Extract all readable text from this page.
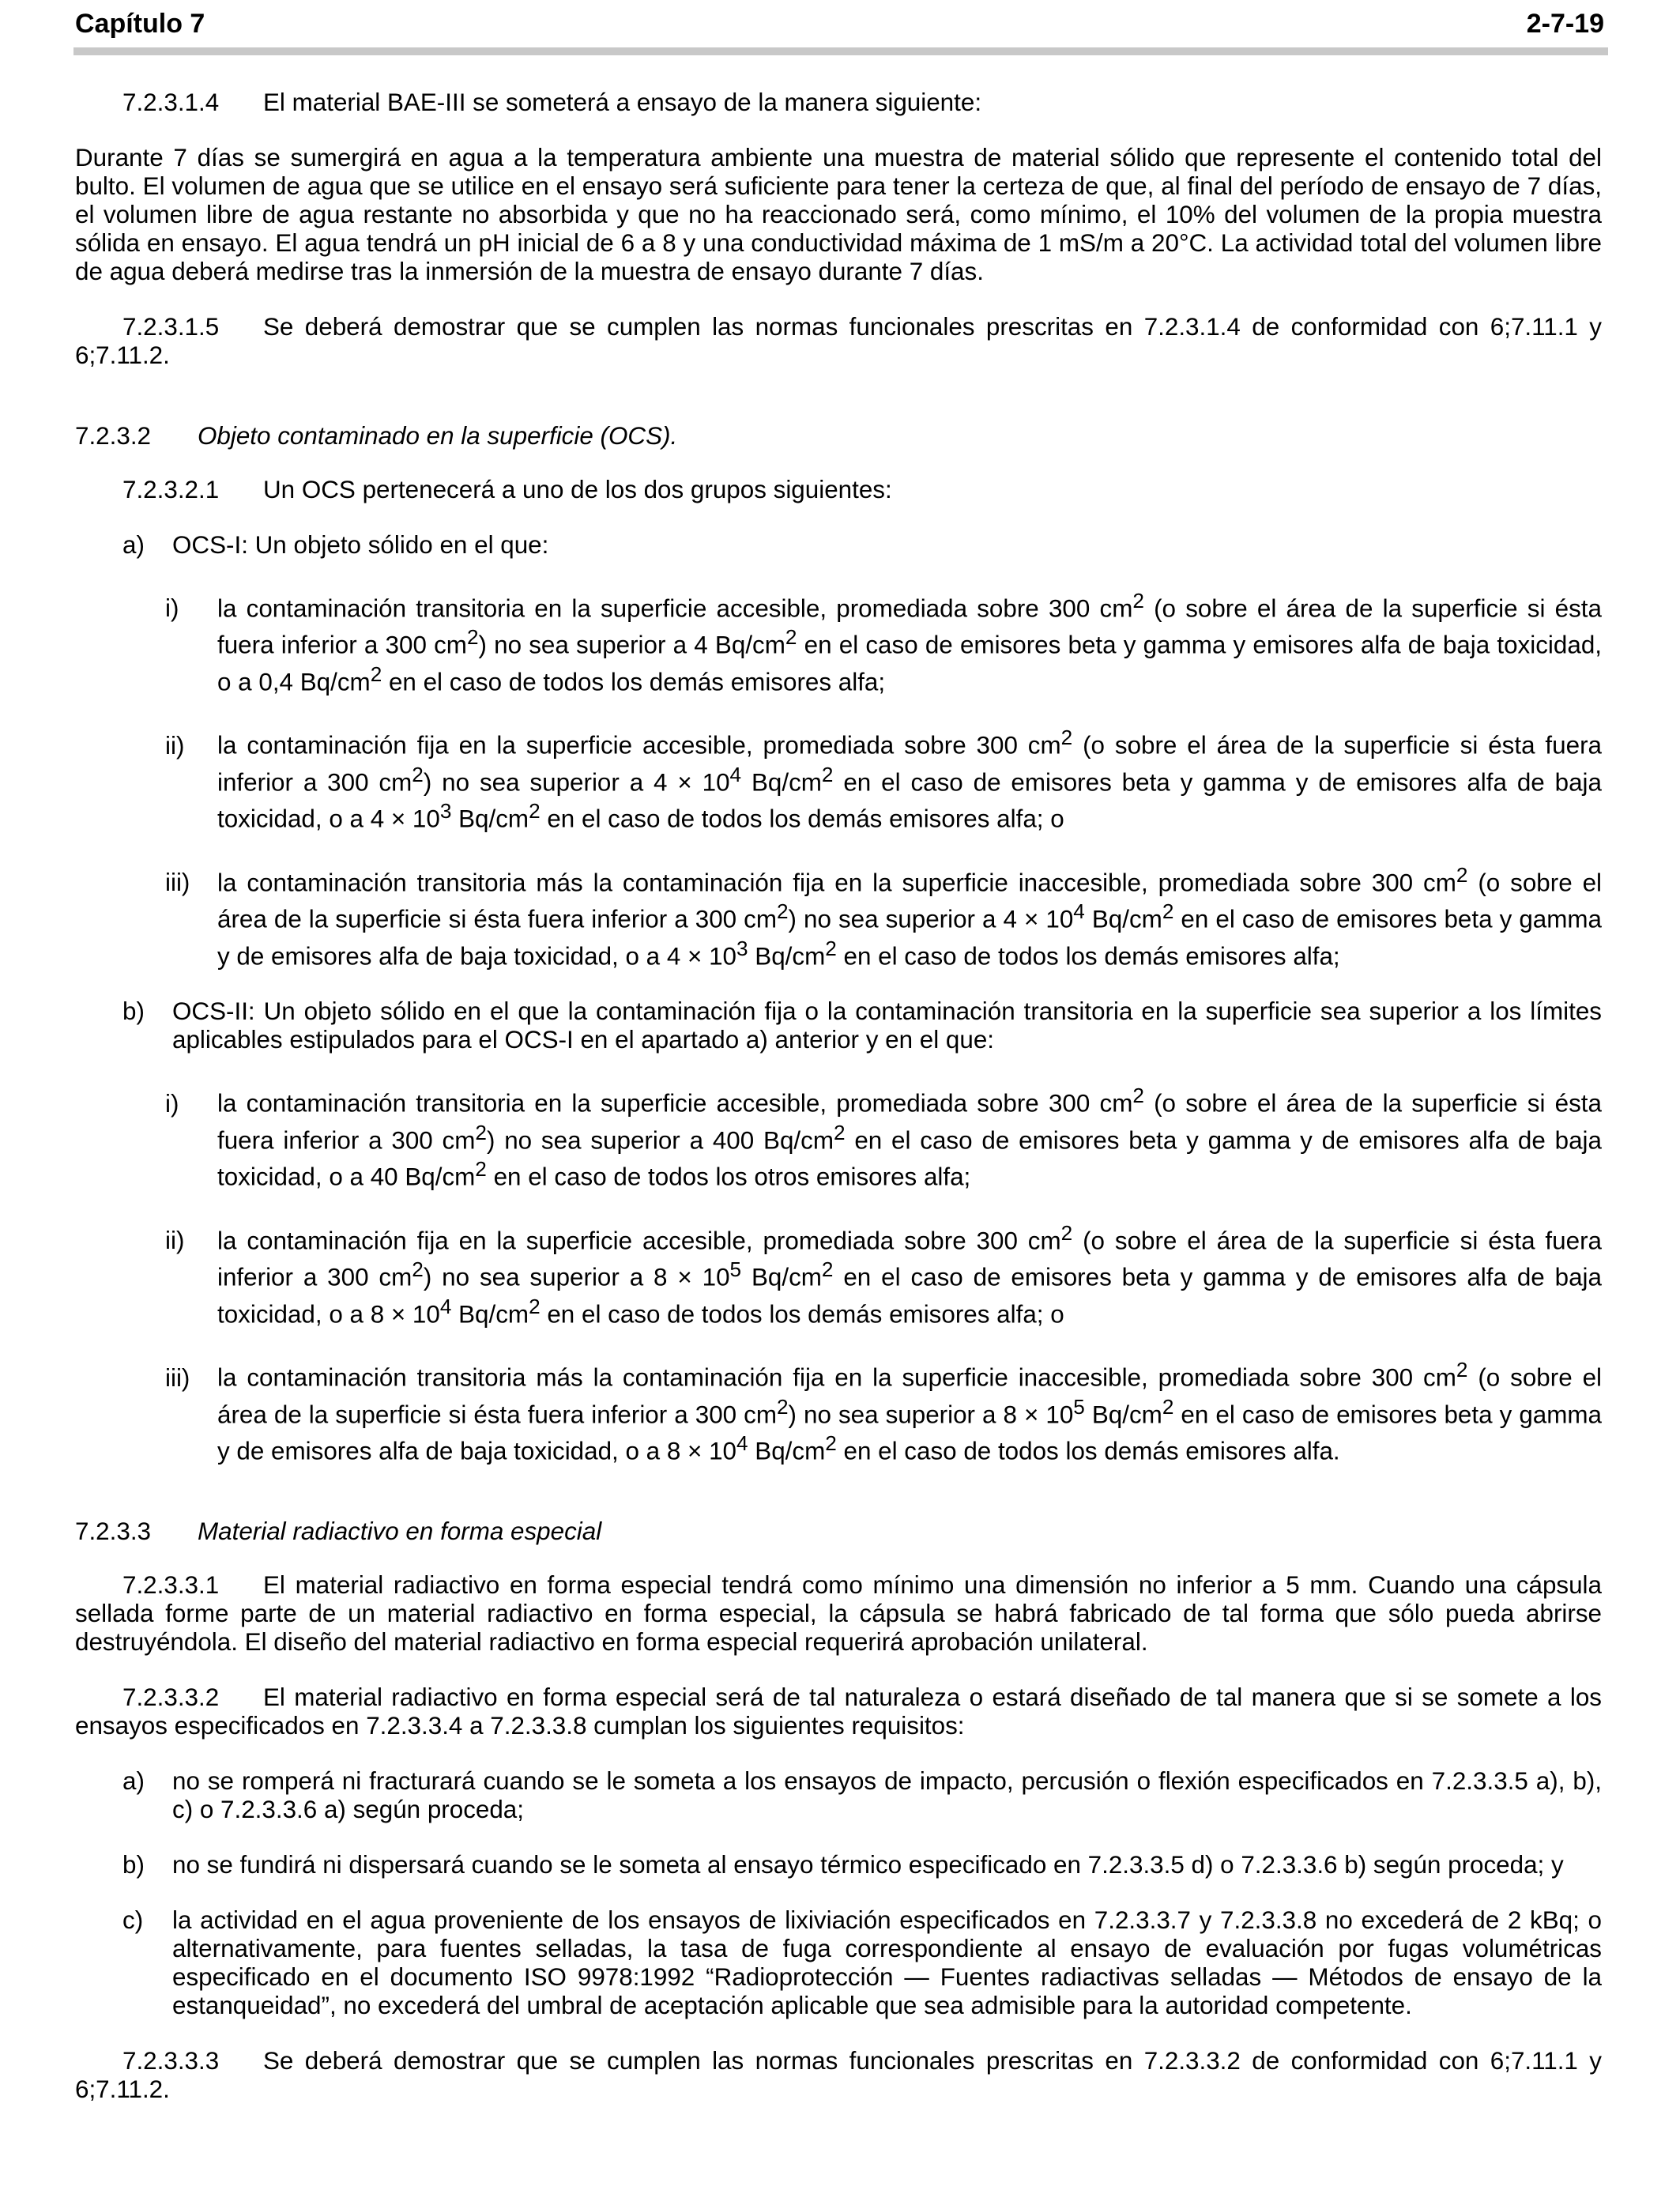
Capítulo 7	2-7-19

7.2.3.1.4 El material BAE-III se someterá a ensayo de la manera siguiente:

Durante 7 días se sumergirá en agua a la temperatura ambiente una muestra de material sólido que represente el contenido total del bulto. El volumen de agua que se utilice en el ensayo será suficiente para tener la certeza de que, al final del período de ensayo de 7 días, el volumen libre de agua restante no absorbida y que no ha reaccionado será, como mínimo, el 10% del volumen de la propia muestra sólida en ensayo. El agua tendrá un pH inicial de 6 a 8 y una conductividad máxima de 1 mS/m a 20°C. La actividad total del volumen libre de agua deberá medirse tras la inmersión de la muestra de ensayo durante 7 días.

7.2.3.1.5 Se deberá demostrar que se cumplen las normas funcionales prescritas en 7.2.3.1.4 de conformidad con 6;7.11.1 y 6;7.11.2.

7.2.3.2 Objeto contaminado en la superficie (OCS).

7.2.3.2.1 Un OCS pertenecerá a uno de los dos grupos siguientes:

a) OCS-I: Un objeto sólido en el que:

i) la contaminación transitoria en la superficie accesible, promediada sobre 300 $cm^2$ (o sobre el área de la superficie si ésta fuera inferior a 300 $cm^2$) no sea superior a 4 $Bq/cm^2$ en el caso de emisores beta y gamma y emisores alfa de baja toxicidad, o a 0,4 $Bq/cm^2$ en el caso de todos los demás emisores alfa;

ii) la contaminación fija en la superficie accesible, promediada sobre 300 $cm^2$ (o sobre el área de la superficie si ésta fuera inferior a 300 $cm^2$) no sea superior a $4 \times 10^4$ $Bq/cm^2$ en el caso de emisores beta y gamma y de emisores alfa de baja toxicidad, o a $4 \times 10^3$ $Bq/cm^2$ en el caso de todos los demás emisores alfa; o

iii) la contaminación transitoria más la contaminación fija en la superficie inaccesible, promediada sobre 300 $cm^2$ (o sobre el área de la superficie si ésta fuera inferior a 300 $cm^2$) no sea superior a $4 \times 10^4$ $Bq/cm^2$ en el caso de emisores beta y gamma y de emisores alfa de baja toxicidad, o a $4 \times 10^3$ $Bq/cm^2$ en el caso de todos los demás emisores alfa;

b) OCS-II: Un objeto sólido en el que la contaminación fija o la contaminación transitoria en la superficie sea superior a los límites aplicables estipulados para el OCS-I en el apartado a) anterior y en el que:

i) la contaminación transitoria en la superficie accesible, promediada sobre 300 $cm^2$ (o sobre el área de la superficie si ésta fuera inferior a 300 $cm^2$) no sea superior a 400 $Bq/cm^2$ en el caso de emisores beta y gamma y de emisores alfa de baja toxicidad, o a 40 $Bq/cm^2$ en el caso de todos los otros emisores alfa;

ii) la contaminación fija en la superficie accesible, promediada sobre 300 $cm^2$ (o sobre el área de la superficie si ésta fuera inferior a 300 $cm^2$) no sea superior a $8 \times 10^5$ $Bq/cm^2$ en el caso de emisores beta y gamma y de emisores alfa de baja toxicidad, o a $8 \times 10^4$ $Bq/cm^2$ en el caso de todos los demás emisores alfa; o

iii) la contaminación transitoria más la contaminación fija en la superficie inaccesible, promediada sobre 300 $cm^2$ (o sobre el área de la superficie si ésta fuera inferior a 300 $cm^2$) no sea superior a $8 \times 10^5$ $Bq/cm^2$ en el caso de emisores beta y gamma y de emisores alfa de baja toxicidad, o a $8 \times 10^4$ $Bq/cm^2$ en el caso de todos los demás emisores alfa.

7.2.3.3 Material radiactivo en forma especial

7.2.3.3.1 El material radiactivo en forma especial tendrá como mínimo una dimensión no inferior a 5 mm. Cuando una cápsula sellada forme parte de un material radiactivo en forma especial, la cápsula se habrá fabricado de tal forma que sólo pueda abrirse destruyéndola. El diseño del material radiactivo en forma especial requerirá aprobación unilateral.

7.2.3.3.2 El material radiactivo en forma especial será de tal naturaleza o estará diseñado de tal manera que si se somete a los ensayos especificados en 7.2.3.3.4 a 7.2.3.3.8 cumplan los siguientes requisitos:

a) no se romperá ni fracturará cuando se le someta a los ensayos de impacto, percusión o flexión especificados en 7.2.3.3.5 a), b), c) o 7.2.3.3.6 a) según proceda;

b) no se fundirá ni dispersará cuando se le someta al ensayo térmico especificado en 7.2.3.3.5 d) o 7.2.3.3.6 b) según proceda; y

c) la actividad en el agua proveniente de los ensayos de lixiviación especificados en 7.2.3.3.7 y 7.2.3.3.8 no excederá de 2 kBq; o alternativamente, para fuentes selladas, la tasa de fuga correspondiente al ensayo de evaluación por fugas volumétricas especificado en el documento ISO 9978:1992 “Radioprotección — Fuentes radiactivas selladas — Métodos de ensayo de la estanqueidad”, no excederá del umbral de aceptación aplicable que sea admisible para la autoridad competente.

7.2.3.3.3 Se deberá demostrar que se cumplen las normas funcionales prescritas en 7.2.3.3.2 de conformidad con 6;7.11.1 y 6;7.11.2.
